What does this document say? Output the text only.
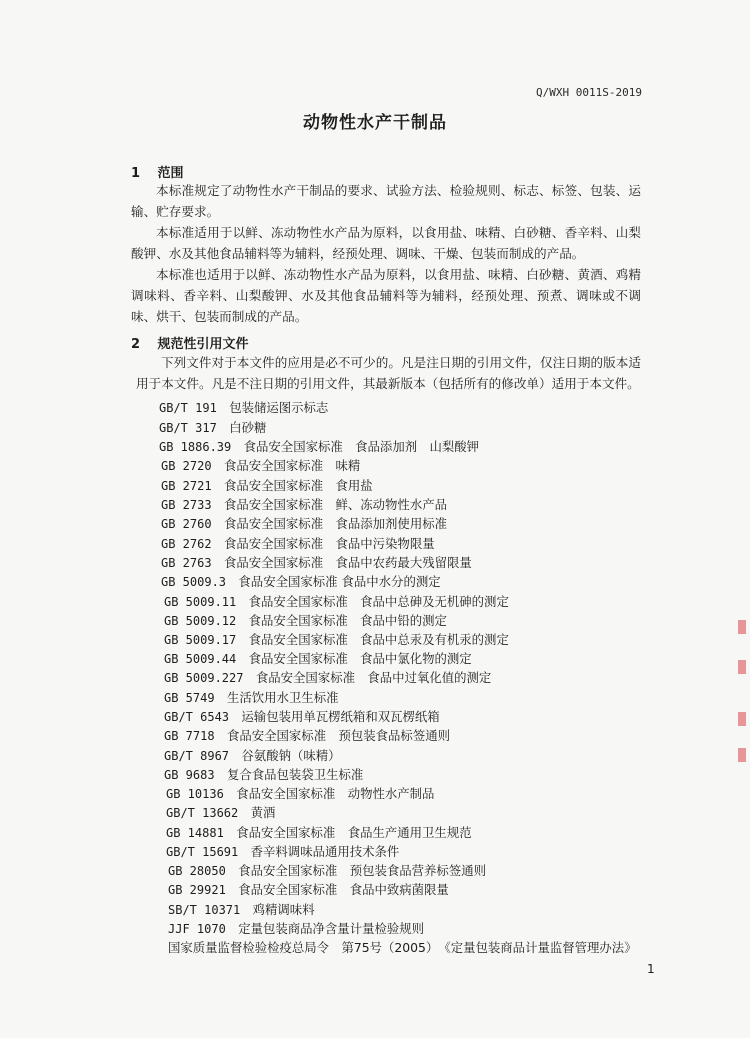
Q/WXH 0011S-2019
动物性水产干制品
1 范围

本标准规定了动物性水产干制品的要求、试验方法、检验规则、标志、标签、包装、运输、贮存要求。

本标准适用于以鲜、冻动物性水产品为原料，以食用盐、味精、白砂糖、香辛料、山梨酸钾、水及其他食品辅料等为辅料，经预处理、调味、干燥、包装而制成的产品。

本标准也适用于以鲜、冻动物性水产品为原料，以食用盐、味精、白砂糖、黄酒、鸡精调味料、香辛料、山梨酸钾、水及其他食品辅料等为辅料，经预处理、预煮、调味或不调味、烘干、包装而制成的产品。

2 规范性引用文件

下列文件对于本文件的应用是必不可少的。凡是注日期的引用文件，仅注日期的版本适用于本文件。凡是不注日期的引用文件，其最新版本（包括所有的修改单）适用于本文件。

GB/T 191　 包装储运图示标志
GB/T 317　 白砂糖
GB 1886.39　 食品安全国家标准　食品添加剂　山梨酸钾
GB 2720　 食品安全国家标准　味精
GB 2721　 食品安全国家标准　食用盐
GB 2733　 食品安全国家标准　鲜、冻动物性水产品
GB 2760　 食品安全国家标准　食品添加剂使用标准
GB 2762　 食品安全国家标准　食品中污染物限量
GB 2763　 食品安全国家标准　食品中农药最大残留限量
GB 5009.3　 食品安全国家标准 食品中水分的测定
GB 5009.11　 食品安全国家标准　食品中总砷及无机砷的测定
GB 5009.12　 食品安全国家标准　食品中铅的测定
GB 5009.17　 食品安全国家标准　食品中总汞及有机汞的测定
GB 5009.44　 食品安全国家标准　食品中氯化物的测定
GB 5009.227　 食品安全国家标准　食品中过氧化值的测定
GB 5749　 生活饮用水卫生标准
GB/T 6543　 运输包装用单瓦楞纸箱和双瓦楞纸箱
GB 7718　 食品安全国家标准　预包装食品标签通则
GB/T 8967　 谷氨酸钠（味精）
GB 9683　 复合食品包装袋卫生标准
GB 10136　 食品安全国家标准　动物性水产制品
GB/T 13662　 黄酒
GB 14881　 食品安全国家标准　食品生产通用卫生规范
GB/T 15691　 香辛料调味品通用技术条件
GB 28050　 食品安全国家标准　预包装食品营养标签通则
GB 29921　 食品安全国家标准　食品中致病菌限量
SB/T 10371　 鸡精调味料
JJF 1070　 定量包装商品净含量计量检验规则
国家质量监督检验检疫总局令　第75号（2005）　 《定量包装商品计量监督管理办法》
1
